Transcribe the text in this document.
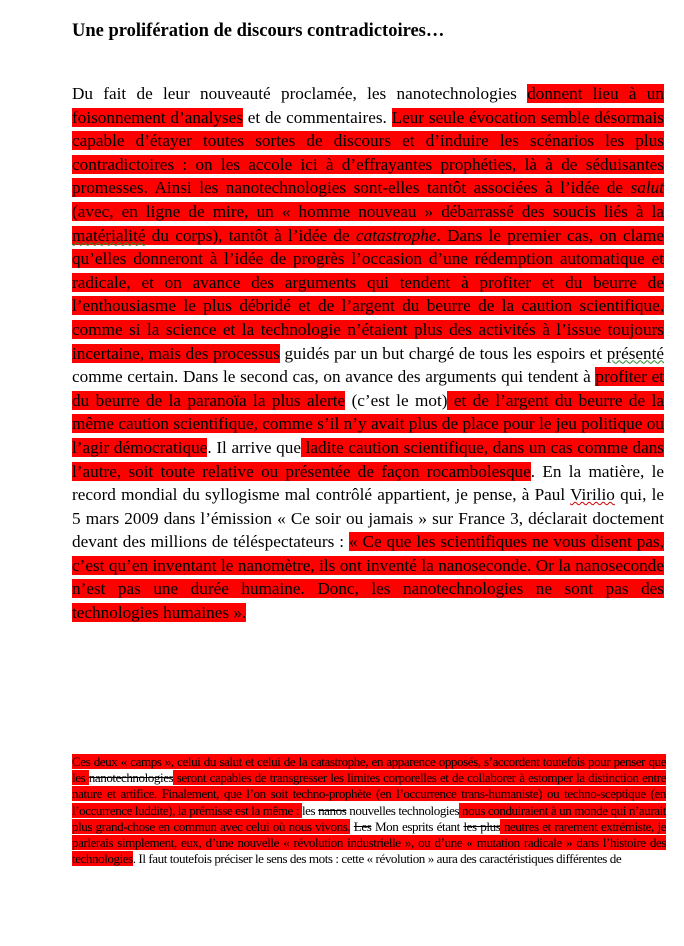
Une prolifération de discours contradictoires…
Du fait de leur nouveauté proclamée, les nanotechnologies donnent lieu à un foisonnement d’analyses et de commentaires. Leur seule évocation semble désormais capable d’étayer toutes sortes de discours et d’induire les scénarios les plus contradictoires : on les accole ici à d’effrayantes prophéties, là à de séduisantes promesses. Ainsi les nanotechnologies sont-elles tantôt associées à l’idée de salut (avec, en ligne de mire, un « homme nouveau » débarrassé des soucis liés à la matérialité du corps), tantôt à l’idée de catastrophe. Dans le premier cas, on clame qu’elles donneront à l’idée de progrès l’occasion d’une rédemption automatique et radicale, et on avance des arguments qui tendent à profiter et du beurre de l’enthousiasme le plus débridé et de l’argent du beurre de la caution scientifique, comme si la science et la technologie n’étaient plus des activités à l’issue toujours incertaine, mais des processus guidés par un but chargé de tous les espoirs et présenté comme certain. Dans le second cas, on avance des arguments qui tendent à profiter et du beurre de la paranoïa la plus alerte (c’est le mot) et de l’argent du beurre de la même caution scientifique, comme s’il n’y avait plus de place pour le jeu politique ou l’agir démocratique. Il arrive que ladite caution scientifique, dans un cas comme dans l’autre, soit toute relative ou présentée de façon rocambolesque. En la matière, le record mondial du syllogisme mal contrôlé appartient, je pense, à Paul Virilio qui, le 5 mars 2009 dans l’émission « Ce soir ou jamais » sur France 3, déclarait doctement devant des millions de téléspectateurs : « Ce que les scientifiques ne vous disent pas, c’est qu’en inventant le nanomètre, ils ont inventé la nanoseconde. Or la nanoseconde n’est pas une durée humaine. Donc, les nanotechnologies ne sont pas des technologies humaines ».
Ces deux « camps », celui du salut et celui de la catastrophe, en apparence opposés, s’accordent toutefois pour penser que les nanotechnologies seront capables de transgresser les limites corporelles et de collaborer à estomper la distinction entre nature et artifice. Finalement, que l’on soit techno-prophète (en l’occurrence trans-humaniste) ou techno-sceptique (en l’occurrence luddite), la prémisse est la même : les nanos nouvelles technologies nous conduiraient à un monde qui n’aurait plus grand-chose en commun avec celui où nous vivons. Les Mon esprits étant les plus neutres et rarement extrémiste, je parlerais simplement, eux, d’une nouvelle « révolution industrielle », ou d’une « mutation radicale » dans l’histoire des technologies. Il faut toutefois préciser le sens des mots : cette « révolution » aura des caractéristiques différentes de
